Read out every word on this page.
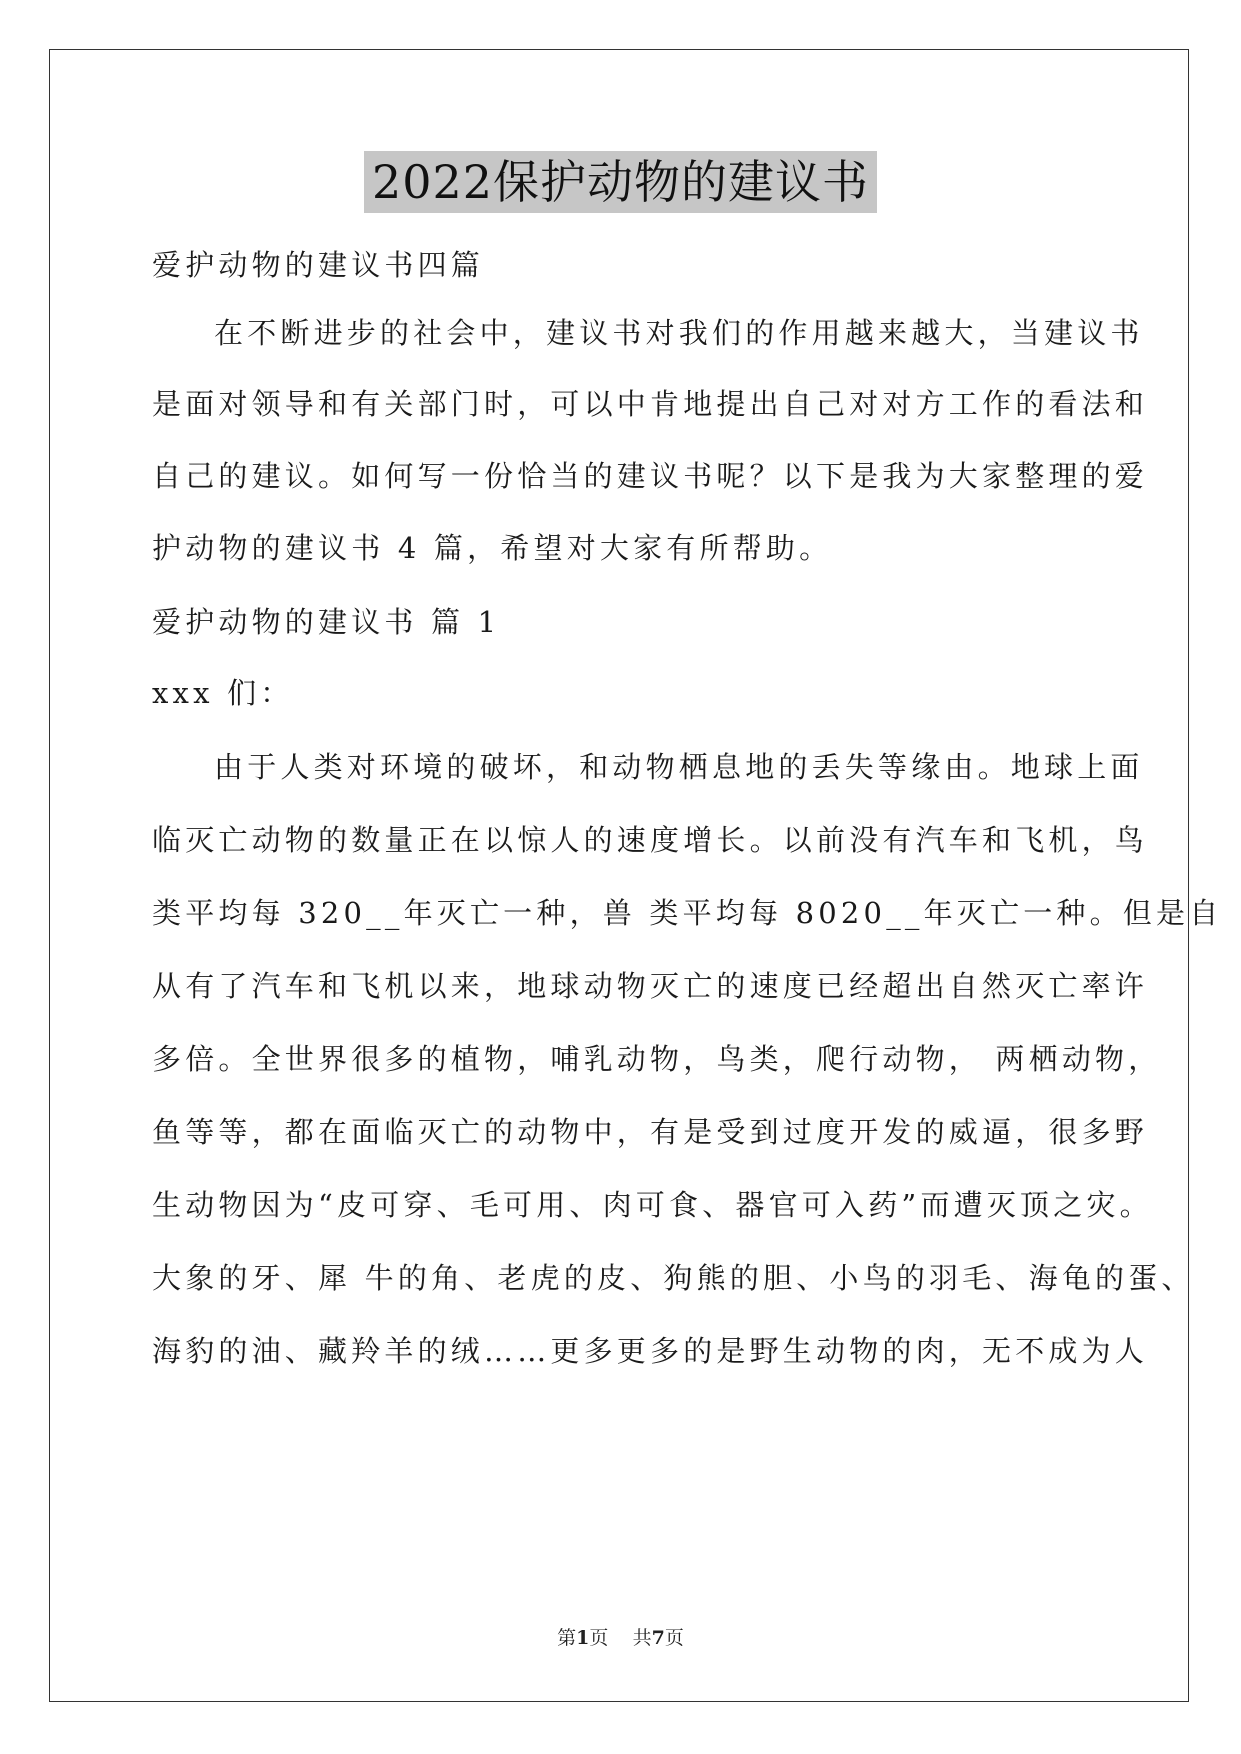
2022保护动物的建议书
爱护动物的建议书四篇
在不断进步的社会中，建议书对我们的作用越来越大，当建议书
是面对领导和有关部门时，可以中肯地提出自己对对方工作的看法和
自己的建议。如何写一份恰当的建议书呢？以下是我为大家整理的爱
护动物的建议书 4 篇，希望对大家有所帮助。
爱护动物的建议书 篇 1
xxx 们：
由于人类对环境的破坏，和动物栖息地的丢失等缘由。地球上面
临灭亡动物的数量正在以惊人的速度增长。以前没有汽车和飞机，鸟
类平均每 320__年灭亡一种，兽 类平均每 8020__年灭亡一种。但是自
从有了汽车和飞机以来，地球动物灭亡的速度已经超出自然灭亡率许
多倍。全世界很多的植物，哺乳动物，鸟类，爬行动物， 两栖动物，
鱼等等，都在面临灭亡的动物中，有是受到过度开发的威逼，很多野
生动物因为“皮可穿、毛可用、肉可食、器官可入药”而遭灭顶之灾。
大象的牙、犀 牛的角、老虎的皮、狗熊的胆、小鸟的羽毛、海龟的蛋、
海豹的油、藏羚羊的绒……更多更多的是野生动物的肉，无不成为人
第1页 共7页
